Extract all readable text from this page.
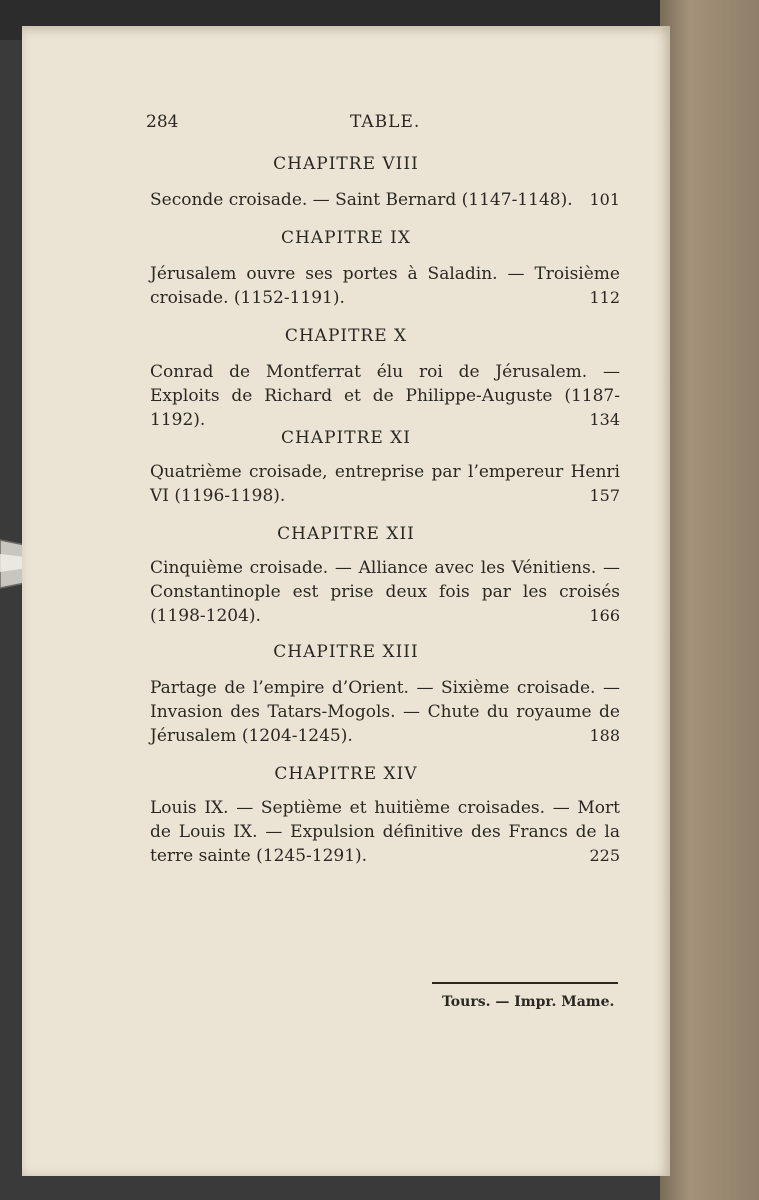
284	TABLE.
CHAPITRE VIII
Seconde croisade. — Saint Bernard (1147-1148).	101
CHAPITRE IX
Jérusalem ouvre ses portes à Saladin. — Troisième croisade. (1152-1191).	112
CHAPITRE X
Conrad de Montferrat élu roi de Jérusalem. — Exploits de Richard et de Philippe-Auguste (1187-1192).	134
CHAPITRE XI
Quatrième croisade, entreprise par l’empereur Henri VI (1196-1198).	157
CHAPITRE XII
Cinquième croisade. — Alliance avec les Vénitiens. — Constantinople est prise deux fois par les croisés (1198-1204).	166
CHAPITRE XIII
Partage de l’empire d’Orient. — Sixième croisade. — Invasion des Tatars-Mogols. — Chute du royaume de Jérusalem (1204-1245).	188
CHAPITRE XIV
Louis IX. — Septième et huitième croisades. — Mort de Louis IX. — Expulsion définitive des Francs de la terre sainte (1245-1291).	225
Tours. — Impr. Mame.
